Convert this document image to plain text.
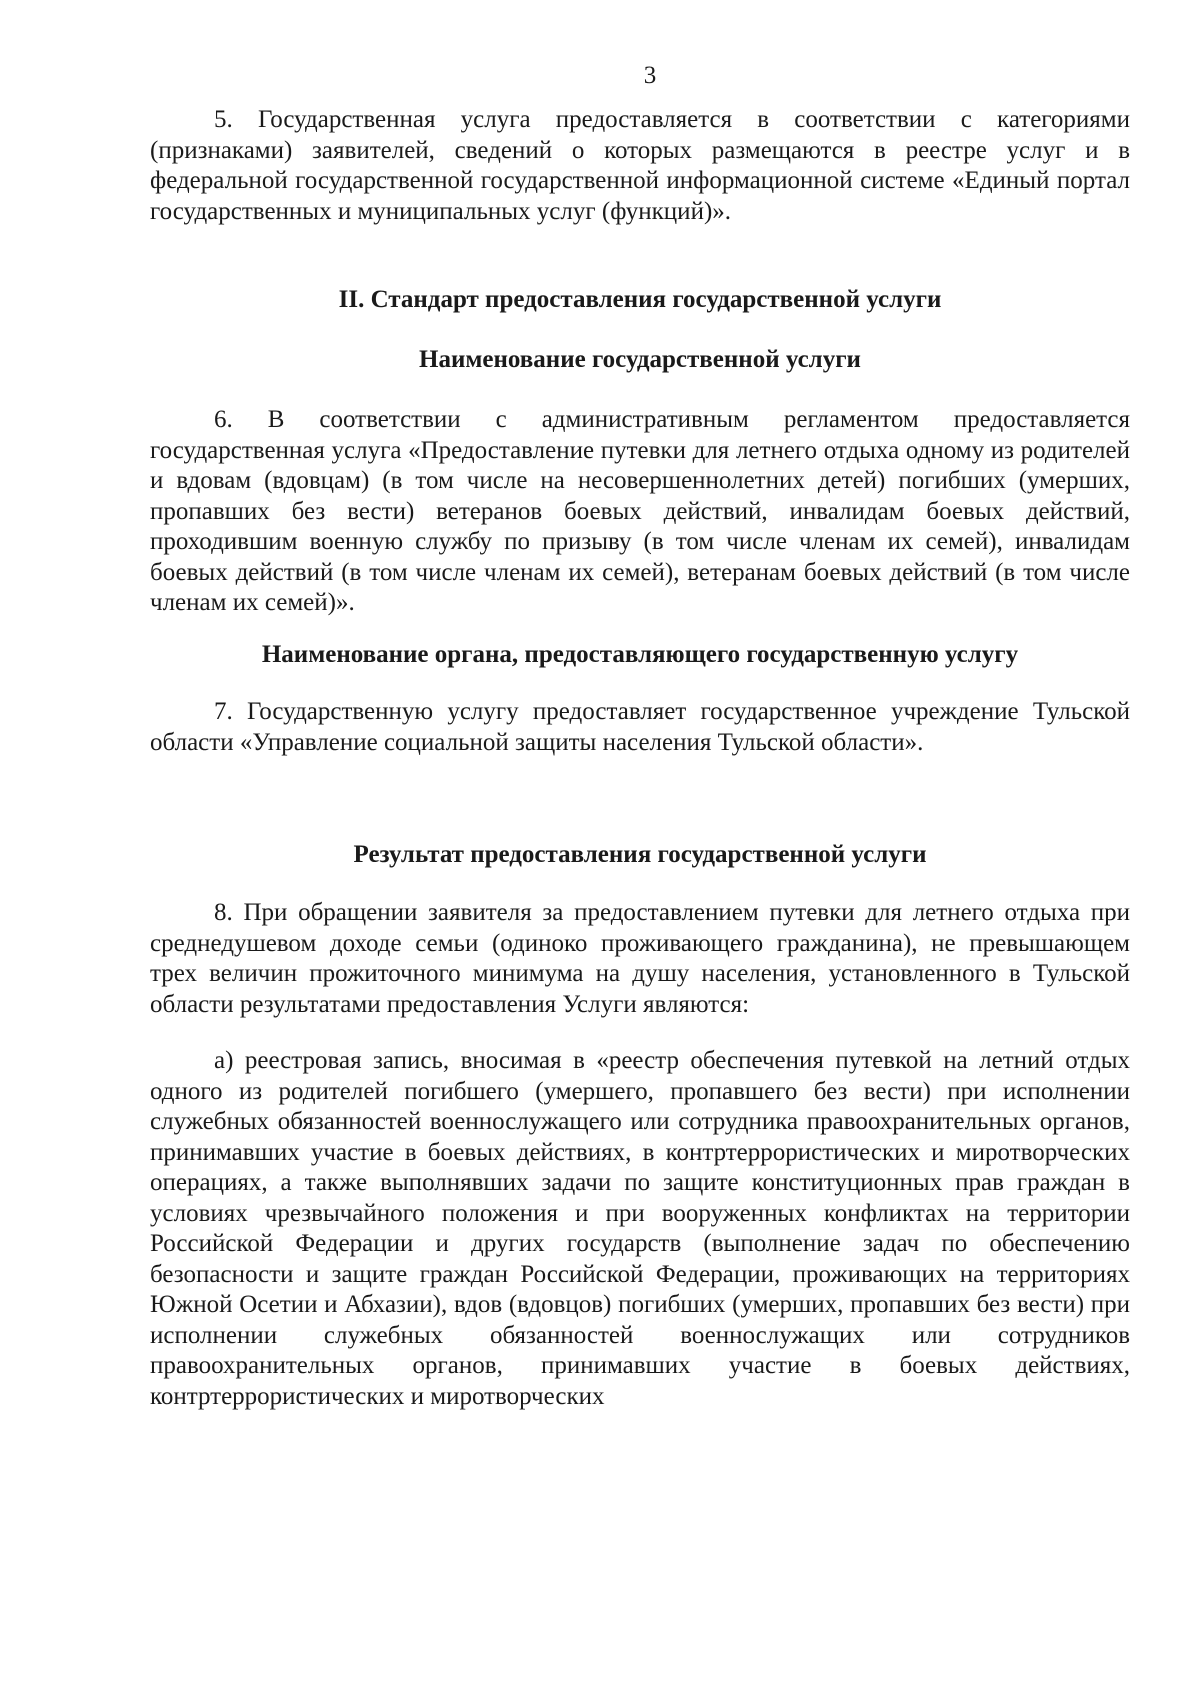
3

5. Государственная услуга предоставляется в соответствии с категориями (признаками) заявителей, сведений о которых размещаются в реестре услуг и в федеральной государственной государственной информационной системе «Единый портал государственных и муниципальных услуг (функций)».

II. Стандарт предоставления государственной услуги
Наименование государственной услуги

6. В соответствии с административным регламентом предоставляется государственная услуга «Предоставление путевки для летнего отдыха одному из родителей и вдовам (вдовцам) (в том числе на несовершеннолетних детей) погибших (умерших, пропавших без вести) ветеранов боевых действий, инвалидам боевых действий, проходившим военную службу по призыву (в том числе членам их семей), инвалидам боевых действий (в том числе членам их семей), ветеранам боевых действий (в том числе членам их семей)».

Наименование органа, предоставляющего государственную услугу

7. Государственную услугу предоставляет государственное учреждение Тульской области «Управление социальной защиты населения Тульской области».

Результат предоставления государственной услуги

8. При обращении заявителя за предоставлением путевки для летнего отдыха при среднедушевом доходе семьи (одиноко проживающего гражданина), не превышающем трех величин прожиточного минимума на душу населения, установленного в Тульской области результатами предоставления Услуги являются:

а) реестровая запись, вносимая в «реестр обеспечения путевкой на летний отдых одного из родителей погибшего (умершего, пропавшего без вести) при исполнении служебных обязанностей военнослужащего или сотрудника правоохранительных органов, принимавших участие в боевых действиях, в контртеррористических и миротворческих операциях, а также выполнявших задачи по защите конституционных прав граждан в условиях чрезвычайного положения и при вооруженных конфликтах на территории Российской Федерации и других государств (выполнение задач по обеспечению безопасности и защите граждан Российской Федерации, проживающих на территориях Южной Осетии и Абхазии), вдов (вдовцов) погибших (умерших, пропавших без вести) при исполнении служебных обязанностей военнослужащих или сотрудников правоохранительных органов, принимавших участие в боевых действиях, контртеррористических и миротворческих
